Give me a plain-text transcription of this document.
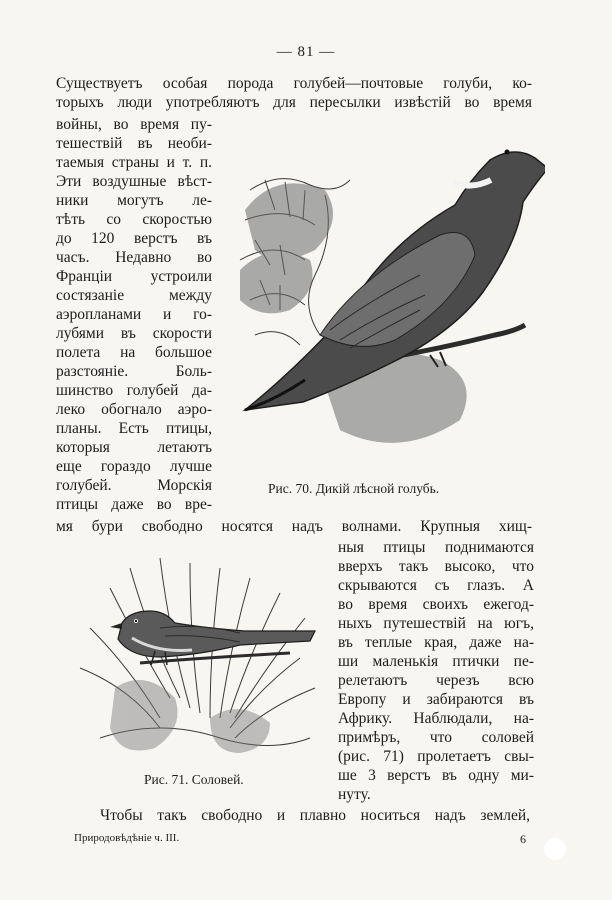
— 81 —
Существуетъ особая порода голубей—почтовые голуби, ко-
торыхъ люди употребляютъ для пересылки извѣстій во время
войны, во время пу-
тешествій въ необи-
таемыя страны и т. п.
Эти воздушные вѣст-
ники могутъ ле-
тѣть со скоростью
до 120 верстъ въ
часъ. Недавно во
Франціи устроили
состязаніе между
аэропланами и го-
лубями въ скорости
полета на большое
разстояніе. Боль-
шинство голубей да-
леко обогнало аэро-
планы. Есть птицы,
которыя летаютъ
еще гораздо лучше
голубей. Морскія
птицы даже во вре-
мя бури свободно носятся надъ волнами. Крупныя хищ-
ныя птицы поднимаются
вверхъ такъ высоко, что
скрываются съ глазъ. А
во время своихъ ежегод-
ныхъ путешествій на югъ,
въ теплые края, даже на-
ши маленькія птички пе-
релетаютъ черезъ всю
Европу и забираются въ
Африку. Наблюдали, на-
примѣръ, что соловей
(рис. 71) пролетаетъ свы-
ше 3 верстъ въ одну ми-
нуту.
Чтобы такъ свободно и плавно носиться надъ землей,
Рис. 70. Дикій лѣсной голубь.
Рис. 71. Соловей.
Природовѣдѣніе ч. III.	6
